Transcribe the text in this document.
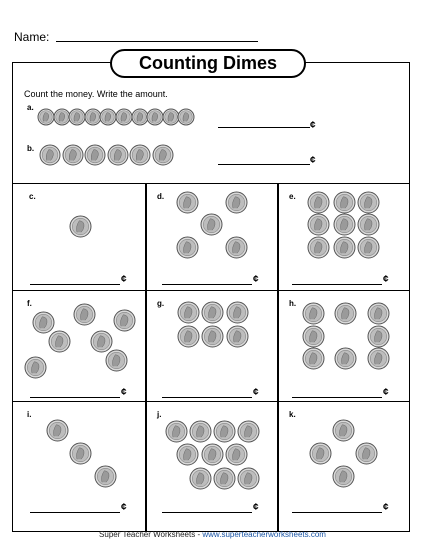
Name:
Counting Dimes
Count the money. Write the amount.
a.
¢
b.
¢
c.	d.	e.
f.	g.	h.
i.	j.	k.
¢	¢	¢
¢	¢	¢
¢	¢	¢
Super Teacher Worksheets - www.superteacherworksheets.com
